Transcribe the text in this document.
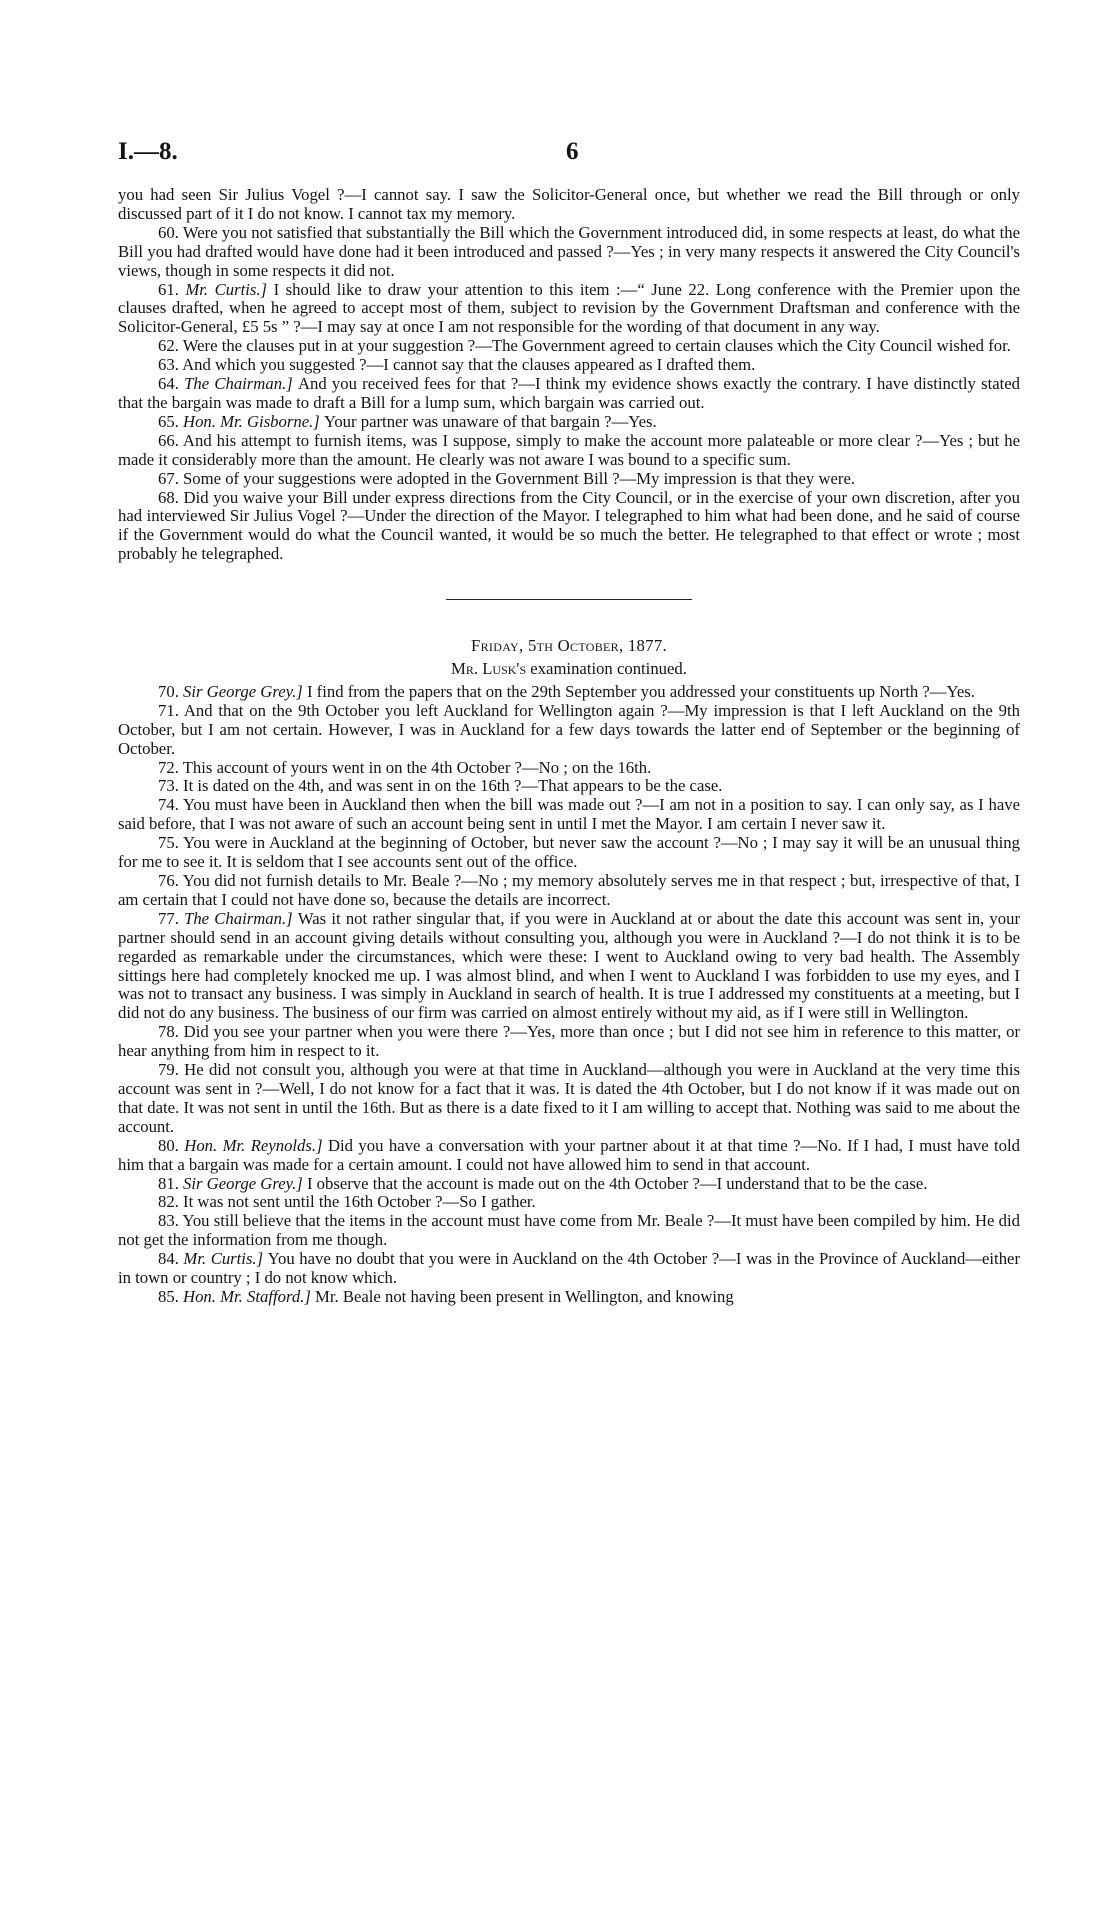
I.—8.	6

you had seen Sir Julius Vogel ?—I cannot say. I saw the Solicitor-General once, but whether we read the Bill through or only discussed part of it I do not know. I cannot tax my memory.

60. Were you not satisfied that substantially the Bill which the Government introduced did, in some respects at least, do what the Bill you had drafted would have done had it been introduced and passed ?—Yes ; in very many respects it answered the City Council's views, though in some respects it did not.

61. Mr. Curtis.] I should like to draw your attention to this item :—“ June 22. Long conference with the Premier upon the clauses drafted, when he agreed to accept most of them, subject to revision by the Government Draftsman and conference with the Solicitor-General, £5 5s ” ?—I may say at once I am not responsible for the wording of that document in any way.

62. Were the clauses put in at your suggestion ?—The Government agreed to certain clauses which the City Council wished for.

63. And which you suggested ?—I cannot say that the clauses appeared as I drafted them.

64. The Chairman.] And you received fees for that ?—I think my evidence shows exactly the contrary. I have distinctly stated that the bargain was made to draft a Bill for a lump sum, which bargain was carried out.

65. Hon. Mr. Gisborne.] Your partner was unaware of that bargain ?—Yes.

66. And his attempt to furnish items, was I suppose, simply to make the account more palateable or more clear ?—Yes ; but he made it considerably more than the amount. He clearly was not aware I was bound to a specific sum.

67. Some of your suggestions were adopted in the Government Bill ?—My impression is that they were.

68. Did you waive your Bill under express directions from the City Council, or in the exercise of your own discretion, after you had interviewed Sir Julius Vogel ?—Under the direction of the Mayor. I telegraphed to him what had been done, and he said of course if the Government would do what the Council wanted, it would be so much the better. He telegraphed to that effect or wrote ; most probably he telegraphed.

Friday, 5th October, 1877.

Mr. Lusk's examination continued.

70. Sir George Grey.] I find from the papers that on the 29th September you addressed your constituents up North ?—Yes.

71. And that on the 9th October you left Auckland for Wellington again ?—My impression is that I left Auckland on the 9th October, but I am not certain. However, I was in Auckland for a few days towards the latter end of September or the beginning of October.

72. This account of yours went in on the 4th October ?—No ; on the 16th.

73. It is dated on the 4th, and was sent in on the 16th ?—That appears to be the case.

74. You must have been in Auckland then when the bill was made out ?—I am not in a position to say. I can only say, as I have said before, that I was not aware of such an account being sent in until I met the Mayor. I am certain I never saw it.

75. You were in Auckland at the beginning of October, but never saw the account ?—No ; I may say it will be an unusual thing for me to see it. It is seldom that I see accounts sent out of the office.

76. You did not furnish details to Mr. Beale ?—No ; my memory absolutely serves me in that respect ; but, irrespective of that, I am certain that I could not have done so, because the details are incorrect.

77. The Chairman.] Was it not rather singular that, if you were in Auckland at or about the date this account was sent in, your partner should send in an account giving details without consulting you, although you were in Auckland ?—I do not think it is to be regarded as remarkable under the circumstances, which were these: I went to Auckland owing to very bad health. The Assembly sittings here had completely knocked me up. I was almost blind, and when I went to Auckland I was forbidden to use my eyes, and I was not to transact any business. I was simply in Auckland in search of health. It is true I addressed my constituents at a meeting, but I did not do any business. The business of our firm was carried on almost entirely without my aid, as if I were still in Wellington.

78. Did you see your partner when you were there ?—Yes, more than once ; but I did not see him in reference to this matter, or hear anything from him in respect to it.

79. He did not consult you, although you were at that time in Auckland—although you were in Auckland at the very time this account was sent in ?—Well, I do not know for a fact that it was. It is dated the 4th October, but I do not know if it was made out on that date. It was not sent in until the 16th. But as there is a date fixed to it I am willing to accept that. Nothing was said to me about the account.

80. Hon. Mr. Reynolds.] Did you have a conversation with your partner about it at that time ?—No. If I had, I must have told him that a bargain was made for a certain amount. I could not have allowed him to send in that account.

81. Sir George Grey.] I observe that the account is made out on the 4th October ?—I understand that to be the case.

82. It was not sent until the 16th October ?—So I gather.

83. You still believe that the items in the account must have come from Mr. Beale ?—It must have been compiled by him. He did not get the information from me though.

84. Mr. Curtis.] You have no doubt that you were in Auckland on the 4th October ?—I was in the Province of Auckland—either in town or country ; I do not know which.

85. Hon. Mr. Stafford.] Mr. Beale not having been present in Wellington, and knowing
